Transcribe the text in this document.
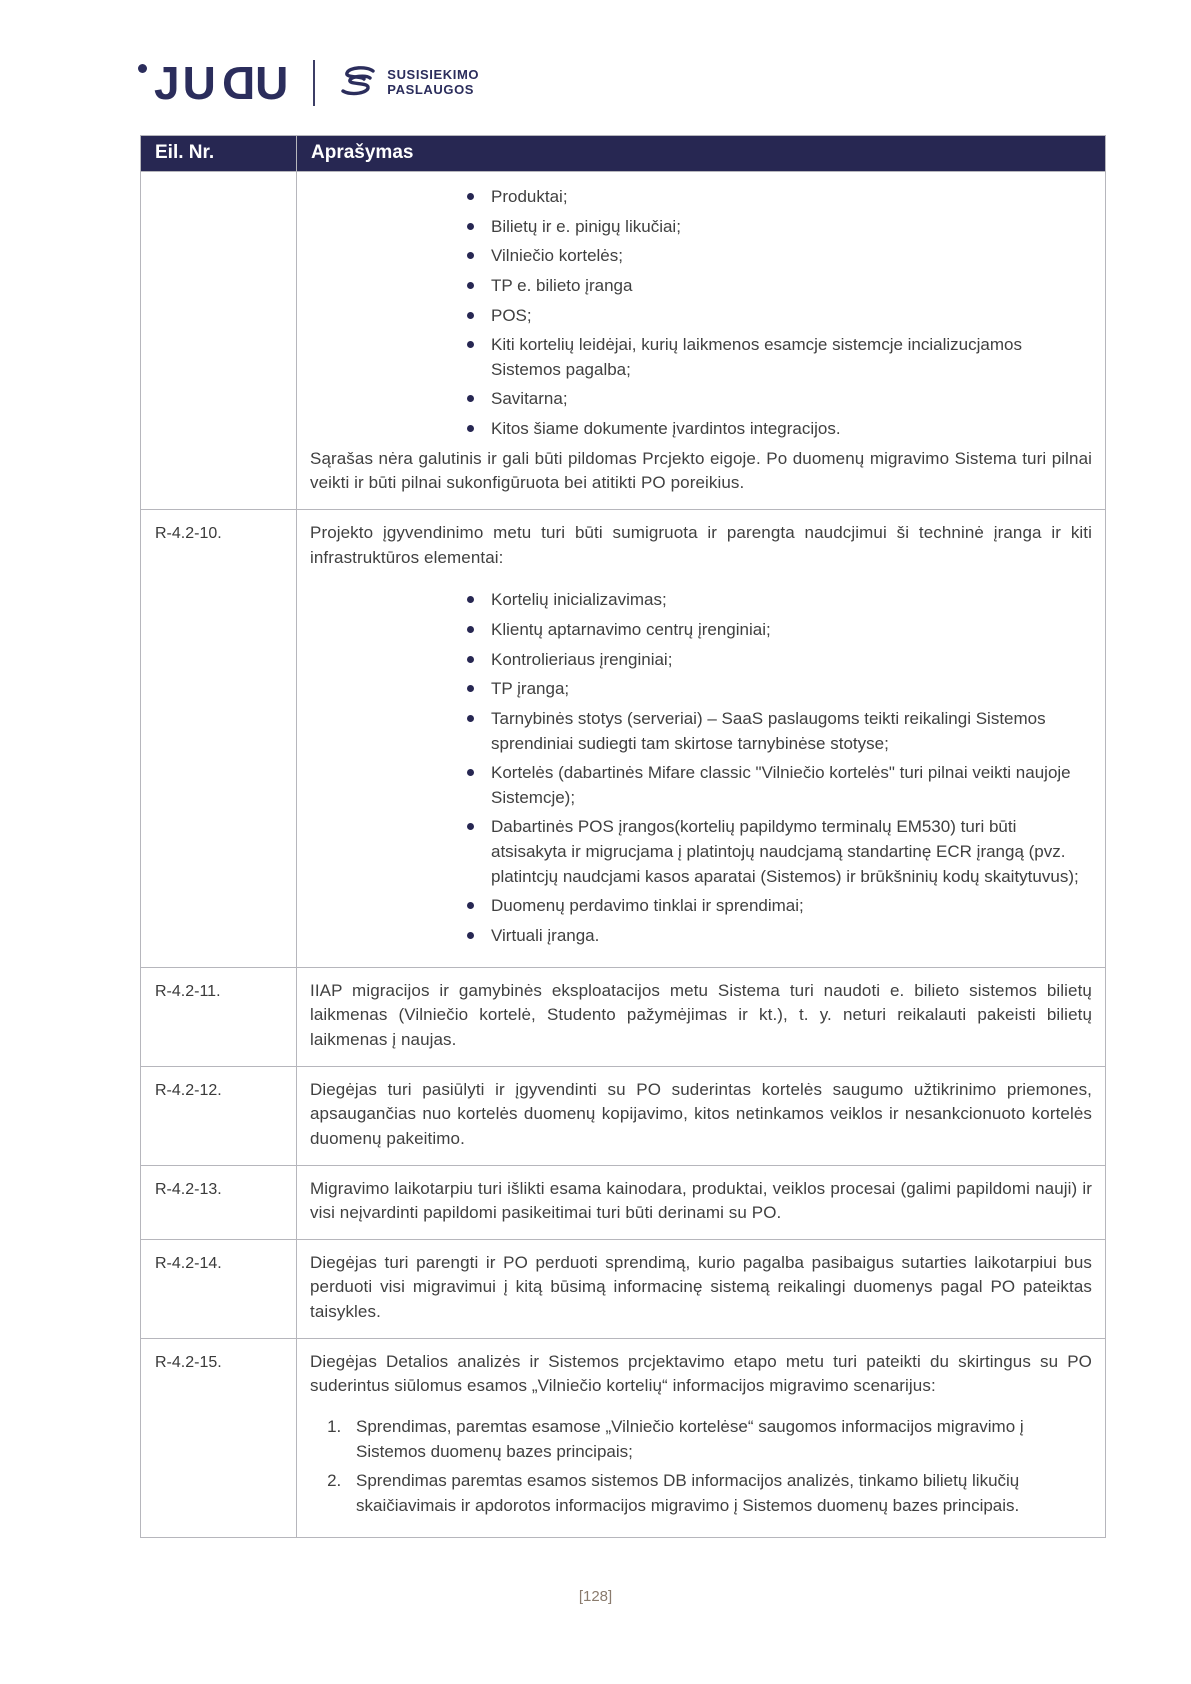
JUDU	SUSISIEKIMO
PASLAUGOS
Eil. Nr.	Aprašymas

Produktai;
Bilietų ir e. pinigų likučiai;
Vilniečio kortelės;
TP e. bilieto įranga
POS;
Kiti kortelių leidėjai, kurių laikmenos esamcje sistemcje incializucjamos Sistemos pagalba;
Savitarna;
Kitos šiame dokumente įvardintos integracijos.

Sąrašas nėra galutinis ir gali būti pildomas Prcjekto eigoje. Po duomenų migravimo Sistema turi pilnai veikti ir būti pilnai sukonfigūruota bei atitikti PO poreikius.

R-4.2-10.	Projekto įgyvendinimo metu turi būti sumigruota ir parengta naudcjimui ši techninė įranga ir kiti infrastruktūros elementai:

Kortelių inicializavimas;
Klientų aptarnavimo centrų įrenginiai;
Kontrolieriaus įrenginiai;
TP įranga;
Tarnybinės stotys (serveriai) – SaaS paslaugoms teikti reikalingi Sistemos sprendiniai sudiegti tam skirtose tarnybinėse stotyse;
Kortelės (dabartinės Mifare classic "Vilniečio kortelės" turi pilnai veikti naujoje Sistemcje);
Dabartinės POS įrangos(kortelių papildymo terminalų EM530) turi būti atsisakyta ir migrucjama į platintojų naudcjamą standartinę ECR įrangą (pvz. platintcjų naudcjami kasos aparatai (Sistemos) ir brūkšninių kodų skaitytuvus);
Duomenų perdavimo tinklai ir sprendimai;
Virtuali įranga.

R-4.2-11.	IIAP migracijos ir gamybinės eksploatacijos metu Sistema turi naudoti e. bilieto sistemos bilietų laikmenas (Vilniečio kortelė, Studento pažymėjimas ir kt.), t. y. neturi reikalauti pakeisti bilietų laikmenas į naujas.

R-4.2-12.	Diegėjas turi pasiūlyti ir įgyvendinti su PO suderintas kortelės saugumo užtikrinimo priemones, apsaugančias nuo kortelės duomenų kopijavimo, kitos netinkamos veiklos ir nesankcionuoto kortelės duomenų pakeitimo.

R-4.2-13.	Migravimo laikotarpiu turi išlikti esama kainodara, produktai, veiklos procesai (galimi papildomi nauji) ir visi neįvardinti papildomi pasikeitimai turi būti derinami su PO.

R-4.2-14.	Diegėjas turi parengti ir PO perduoti sprendimą, kurio pagalba pasibaigus sutarties laikotarpiui bus perduoti visi migravimui į kitą būsimą informacinę sistemą reikalingi duomenys pagal PO pateiktas taisykles.

R-4.2-15.	Diegėjas Detalios analizės ir Sistemos prcjektavimo etapo metu turi pateikti du skirtingus su PO suderintus siūlomus esamos „Vilniečio kortelių“ informacijos migravimo scenarijus:

1. Sprendimas, paremtas esamose „Vilniečio kortelėse“ saugomos informacijos migravimo į Sistemos duomenų bazes principais;
2. Sprendimas paremtas esamos sistemos DB informacijos analizės, tinkamo bilietų likučių skaičiavimais ir apdorotos informacijos migravimo į Sistemos duomenų bazes principais.
[128]
